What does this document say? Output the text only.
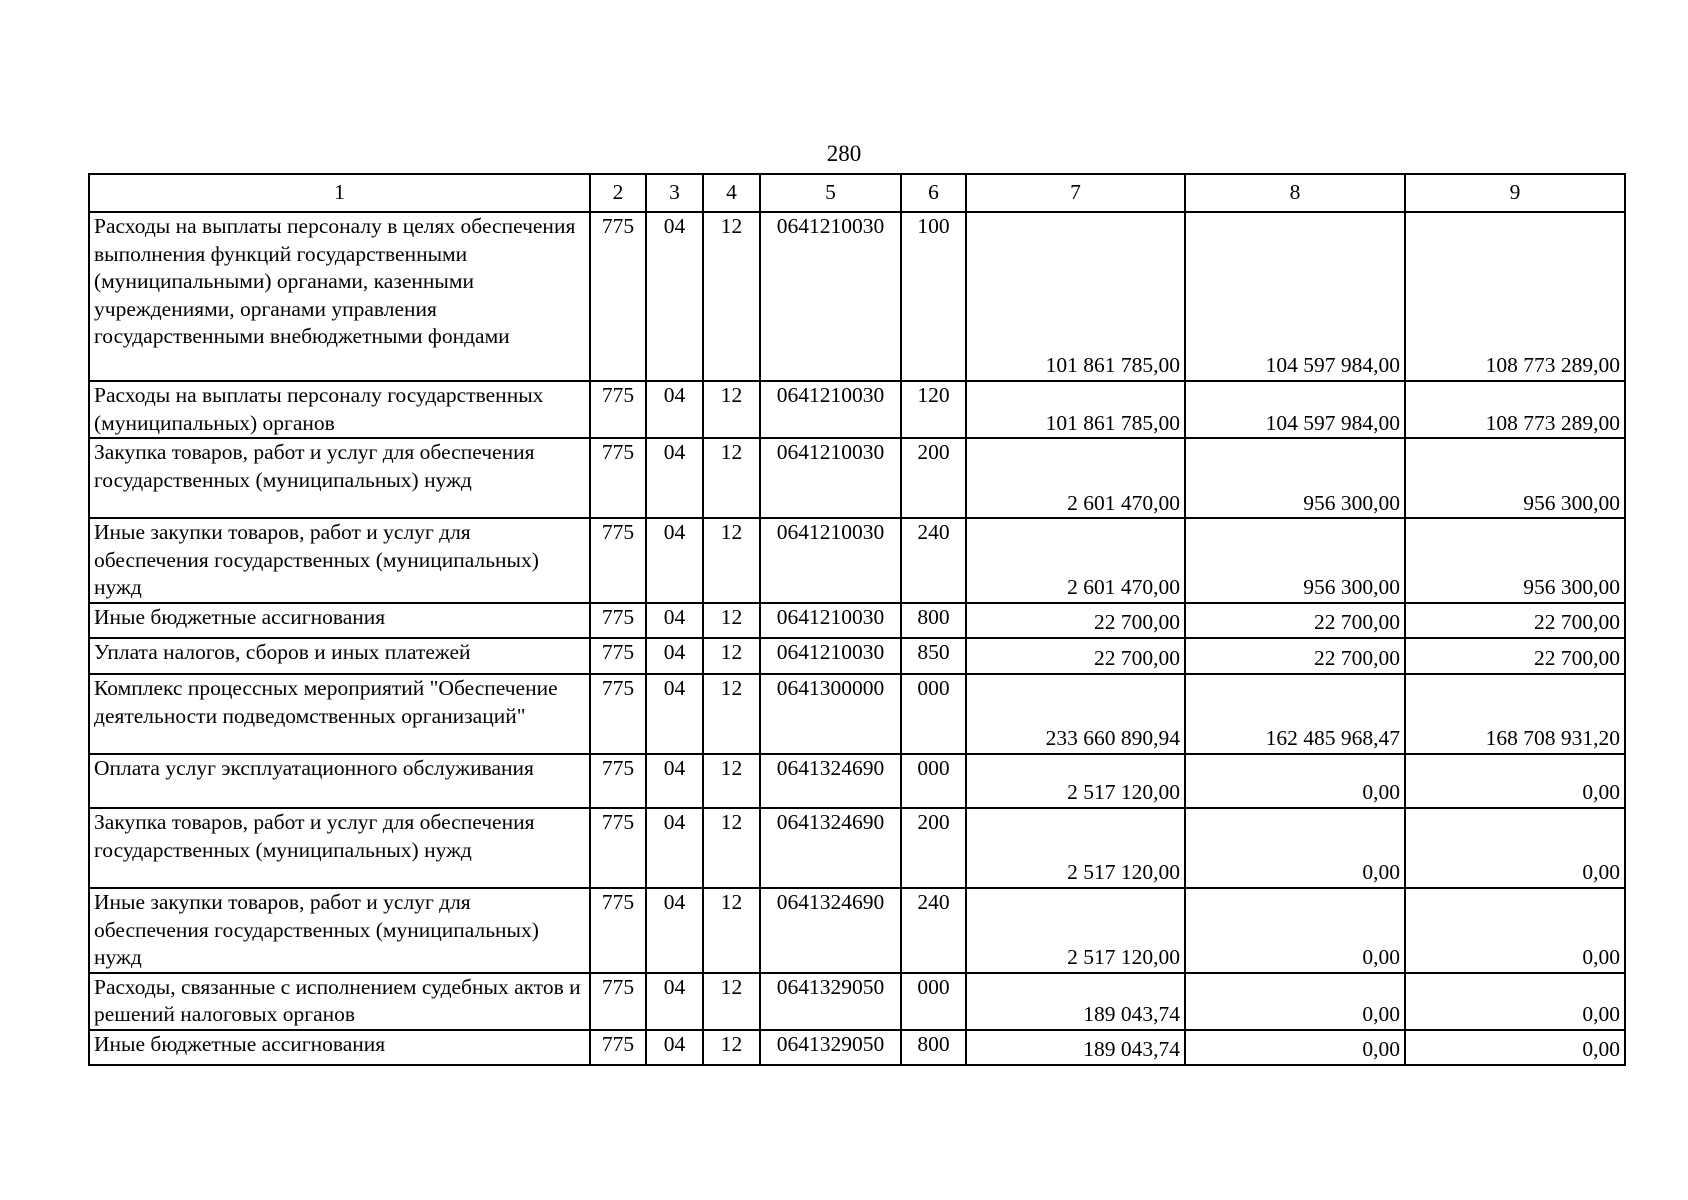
280
1	2	3	4	5	6	7	8	9
Расходы на выплаты персоналу в целях обеспечения выполнения функций государственными (муниципальными) органами, казенными учреждениями, органами управления государственными внебюджетными фондами	775	04	12	0641210030	100	101 861 785,00	104 597 984,00	108 773 289,00
Расходы на выплаты персоналу государственных (муниципальных) органов	775	04	12	0641210030	120	101 861 785,00	104 597 984,00	108 773 289,00
Закупка товаров, работ и услуг для обеспечения государственных (муниципальных) нужд	775	04	12	0641210030	200	2 601 470,00	956 300,00	956 300,00
Иные закупки товаров, работ и услуг для обеспечения государственных (муниципальных) нужд	775	04	12	0641210030	240	2 601 470,00	956 300,00	956 300,00
Иные бюджетные ассигнования	775	04	12	0641210030	800	22 700,00	22 700,00	22 700,00
Уплата налогов, сборов и иных платежей	775	04	12	0641210030	850	22 700,00	22 700,00	22 700,00
Комплекс процессных мероприятий "Обеспечение деятельности подведомственных организаций"	775	04	12	0641300000	000	233 660 890,94	162 485 968,47	168 708 931,20
Оплата услуг эксплуатационного обслуживания	775	04	12	0641324690	000	2 517 120,00	0,00	0,00
Закупка товаров, работ и услуг для обеспечения государственных (муниципальных) нужд	775	04	12	0641324690	200	2 517 120,00	0,00	0,00
Иные закупки товаров, работ и услуг для обеспечения государственных (муниципальных) нужд	775	04	12	0641324690	240	2 517 120,00	0,00	0,00
Расходы, связанные с исполнением судебных актов и решений налоговых органов	775	04	12	0641329050	000	189 043,74	0,00	0,00
Иные бюджетные ассигнования	775	04	12	0641329050	800	189 043,74	0,00	0,00
